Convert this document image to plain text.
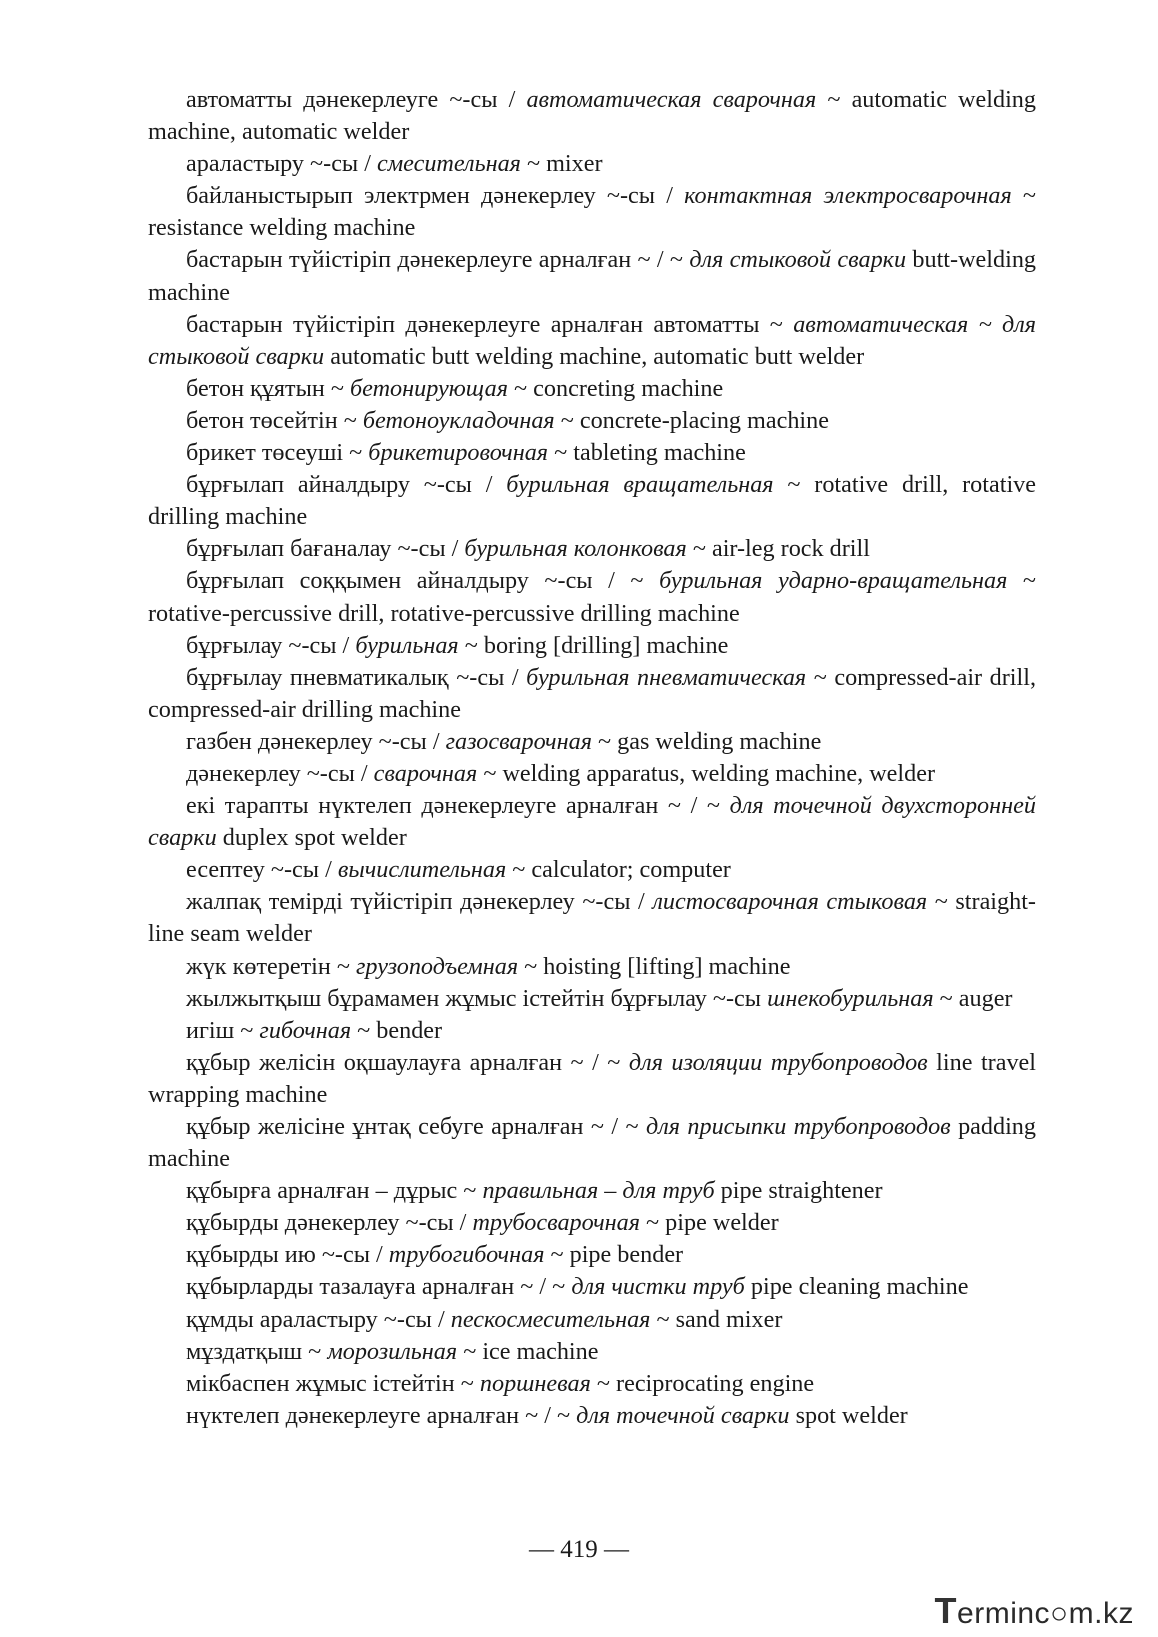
автоматты дәнекерлеуге ~-сы / автоматическая сварочная ~ automatic welding machine, automatic welder

араластыру ~-сы / смесительная ~ mixer

байланыстырып электрмен дәнекерлеу ~-сы / контактная электросварочная ~ resistance welding machine

бастарын түйістіріп дәнекерлеуге арналған ~ / ~ для стыковой сварки butt-welding machine

бастарын түйістіріп дәнекерлеуге арналған автоматты ~ автоматическая ~ для стыковой сварки automatic butt welding machine, automatic butt welder

бетон құятын ~ бетонирующая ~ concreting machine

бетон төсейтін ~ бетоноукладочная ~ concrete-placing machine

брикет төсеуші ~ брикетировочная ~ tableting machine

бұрғылап айналдыру ~-сы / бурильная вращательная ~ rotative drill, rotative drilling machine

бұрғылап бағаналау ~-сы / бурильная колонковая ~ air-leg rock drill

бұрғылап соққымен айналдыру ~-сы / ~ бурильная ударно-вращательная ~ rotative-percussive drill, rotative-percussive drilling machine

бұрғылау ~-сы / бурильная ~ boring [drilling] machine

бұрғылау пневматикалық ~-сы / бурильная пневматическая ~ compressed-air drill, compressed-air drilling machine

газбен дәнекерлеу ~-сы / газосварочная ~ gas welding machine

дәнекерлеу ~-сы / сварочная ~ welding apparatus, welding machine, welder

екі тарапты нүктелеп дәнекерлеуге арналған ~ / ~ для точечной двухсторонней сварки duplex spot welder

есептеу ~-сы / вычислительная ~ calculator; computer

жалпақ темірді түйістіріп дәнекерлеу ~-сы / листосварочная стыковая ~ straight-line seam welder

жүк көтеретін ~ грузоподъемная ~ hoisting [lifting] machine

жылжытқыш бұрамамен жұмыс істейтін бұрғылау ~-сы шнекобурильная ~ auger

игіш ~ гибочная ~ bender

құбыр желісін оқшаулауға арналған ~ / ~ для изоляции трубопроводов line travel wrapping machine

құбыр желісіне ұнтақ себуге арналған ~ / ~ для присыпки трубопроводов padding machine

құбырға арналған – дұрыс ~ правильная – для труб pipe straightener

құбырды дәнекерлеу ~-сы / трубосварочная ~ pipe welder

құбырды ию ~-сы / трубогибочная ~ pipe bender

құбырларды тазалауға арналған ~ / ~ для чистки труб pipe cleaning machine

құмды араластыру ~-сы / пескосмесительная ~ sand mixer

мұздатқыш ~ морозильная ~ ice machine

мікбаспен жұмыс істейтін ~ поршневая ~ reciprocating engine

нүктелеп дәнекерлеуге арналған ~ / ~ для точечной сварки spot welder

— 419 —
Terminc○m.kz
